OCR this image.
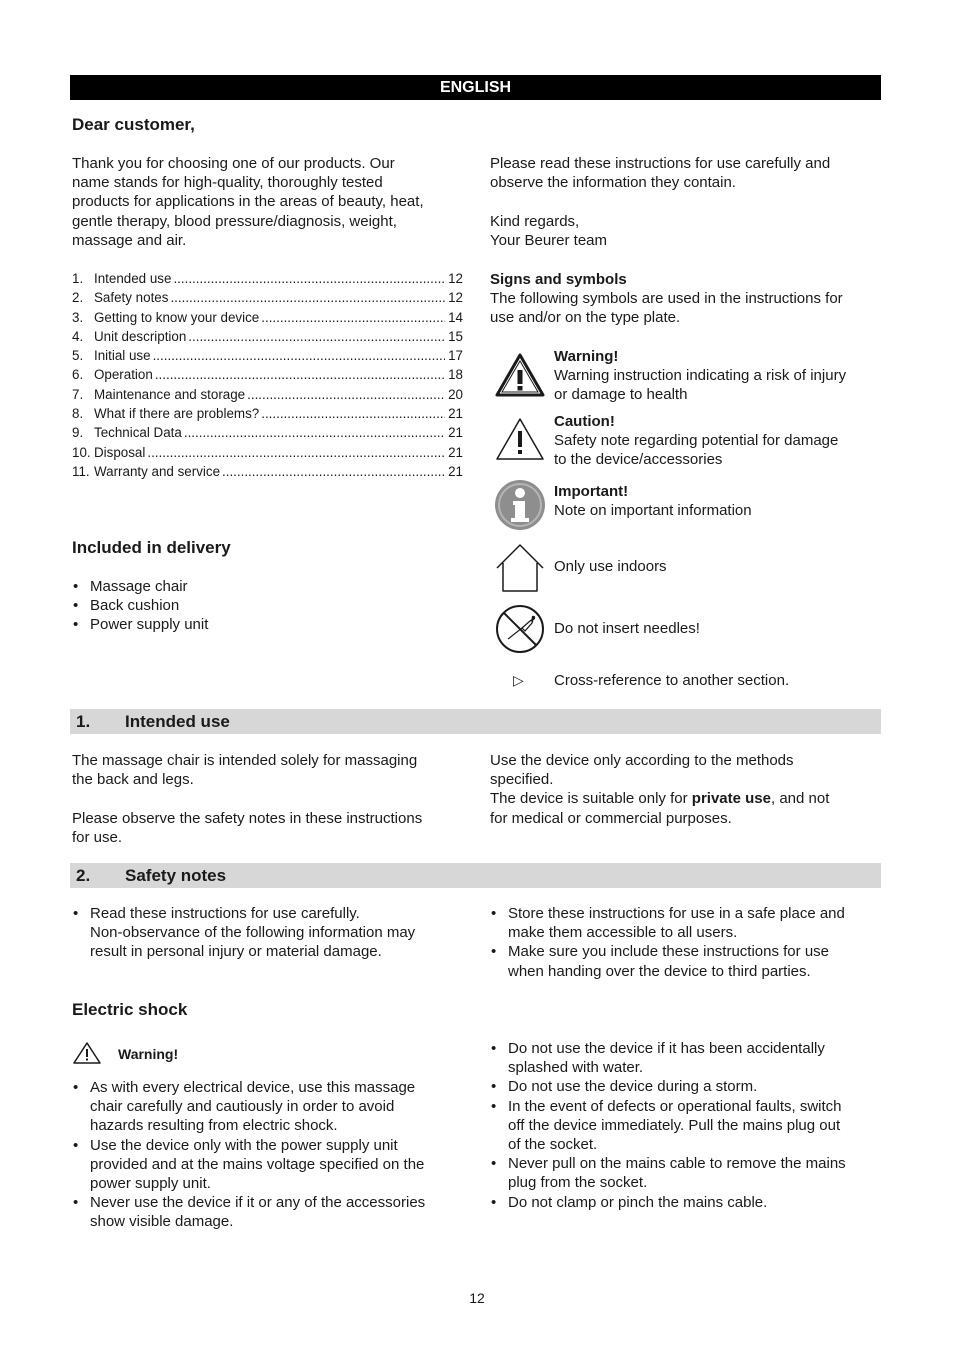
ENGLISH
Dear customer,
Thank you for choosing one of our products. Our
name stands for high-quality, thoroughly tested
products for applications in the areas of beauty, heat,
gentle therapy, blood pressure/diagnosis, weight,
massage and air.
Please read these instructions for use carefully and
observe the information they contain.
Kind regards,
Your Beurer team
1. Intended use .....	12
2. Safety notes .....	12
3. Getting to know your device .....	14
4. Unit description .....	15
5. Initial use .....	17
6. Operation .....	18
7. Maintenance and storage .....	20
8. What if there are problems? .....	21
9. Technical Data .....	21
10. Disposal .....	21
11. Warranty and service .....	21
Signs and symbols
The following symbols are used in the instructions for
use and/or on the type plate.
Warning!
Warning instruction indicating a risk of injury
or damage to health
Caution!
Safety note regarding potential for damage
to the device/accessories
Important!
Note on important information
Only use indoors
Do not insert needles!
▷ Cross-reference to another section.
Included in delivery
• Massage chair
• Back cushion
• Power supply unit
1. Intended use
The massage chair is intended solely for massaging
the back and legs.
Please observe the safety notes in these instructions
for use.
Use the device only according to the methods
specified.
The device is suitable only for private use, and not
for medical or commercial purposes.
2. Safety notes
• Read these instructions for use carefully.
Non-observance of the following information may
result in personal injury or material damage.
• Store these instructions for use in a safe place and
make them accessible to all users.
• Make sure you include these instructions for use
when handing over the device to third parties.
Electric shock
Warning!
• As with every electrical device, use this massage
chair carefully and cautiously in order to avoid
hazards resulting from electric shock.
• Use the device only with the power supply unit
provided and at the mains voltage specified on the
power supply unit.
• Never use the device if it or any of the accessories
show visible damage.
• Do not use the device if it has been accidentally
splashed with water.
• Do not use the device during a storm.
• In the event of defects or operational faults, switch
off the device immediately. Pull the mains plug out
of the socket.
• Never pull on the mains cable to remove the mains
plug from the socket.
• Do not clamp or pinch the mains cable.
12
